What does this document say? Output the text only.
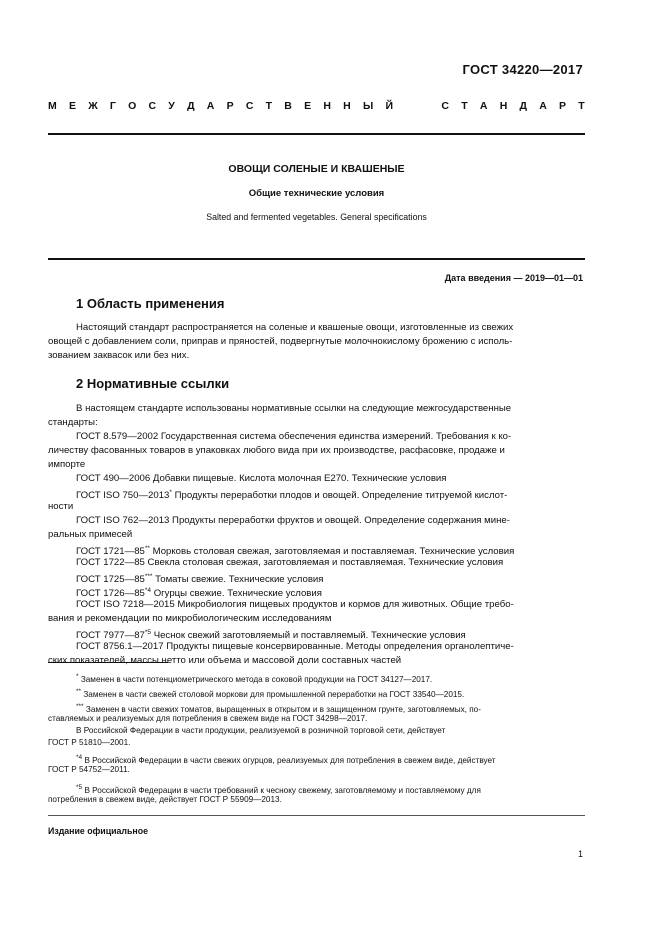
ГОСТ 34220—2017
М Е Ж Г О С У Д А Р С Т В Е Н Н Ы Й	С Т А Н Д А Р Т
ОВОЩИ СОЛЕНЫЕ И КВАШЕНЫЕ
Общие технические условия
Salted and fermented vegetables. General specifications
Дата введения — 2019—01—01
1 Область применения
Настоящий стандарт распространяется на соленые и квашеные овощи, изготовленные из свежих
овощей с добавлением соли, приправ и пряностей, подвергнутые молочнокислому брожению с исполь-
зованием заквасок или без них.
2 Нормативные ссылки
В настоящем стандарте использованы нормативные ссылки на следующие межгосударственные
стандарты:
ГОСТ 8.579—2002 Государственная система обеспечения единства измерений. Требования к ко-
личеству фасованных товаров в упаковках любого вида при их производстве, расфасовке, продаже и
импорте
ГОСТ 490—2006 Добавки пищевые. Кислота молочная Е270. Технические условия
ГОСТ ISO 750—2013* Продукты переработки плодов и овощей. Определение титруемой кислот-
ности
ГОСТ ISO 762—2013 Продукты переработки фруктов и овощей. Определение содержания мине-
ральных примесей
ГОСТ 1721—85** Морковь столовая свежая, заготовляемая и поставляемая. Технические условия
ГОСТ 1722—85 Свекла столовая свежая, заготовляемая и поставляемая. Технические условия
ГОСТ 1725—85*** Томаты свежие. Технические условия
ГОСТ 1726—85$^{*4}$ Огурцы свежие. Технические условия
ГОСТ ISO 7218—2015 Микробиология пищевых продуктов и кормов для животных. Общие требо-
вания и рекомендации по микробиологическим исследованиям
ГОСТ 7977—87$^{*5}$ Чеснок свежий заготовляемый и поставляемый. Технические условия
ГОСТ 8756.1—2017 Продукты пищевые консервированные. Методы определения органолептиче-
ских показателей, массы нетто или объема и массовой доли составных частей
* Заменен в части потенциометрического метода в соковой продукции на ГОСТ 34127—2017.
** Заменен в части свежей столовой моркови для промышленной переработки на ГОСТ 33540—2015.
*** Заменен в части свежих томатов, выращенных в открытом и в защищенном грунте, заготовляемых, по-
ставляемых и реализуемых для потребления в свежем виде на ГОСТ 34298—2017.
В Российской Федерации в части продукции, реализуемой в розничной торговой сети, действует
ГОСТ Р 51810—2001.
$^{*4}$ В Российской Федерации в части свежих огурцов, реализуемых для потребления в свежем виде, действует
ГОСТ Р 54752—2011.
$^{*5}$ В Российской Федерации в части требований к чесноку свежему, заготовляемому и поставляемому для
потребления в свежем виде, действует ГОСТ Р 55909—2013.
Издание официальное
1
